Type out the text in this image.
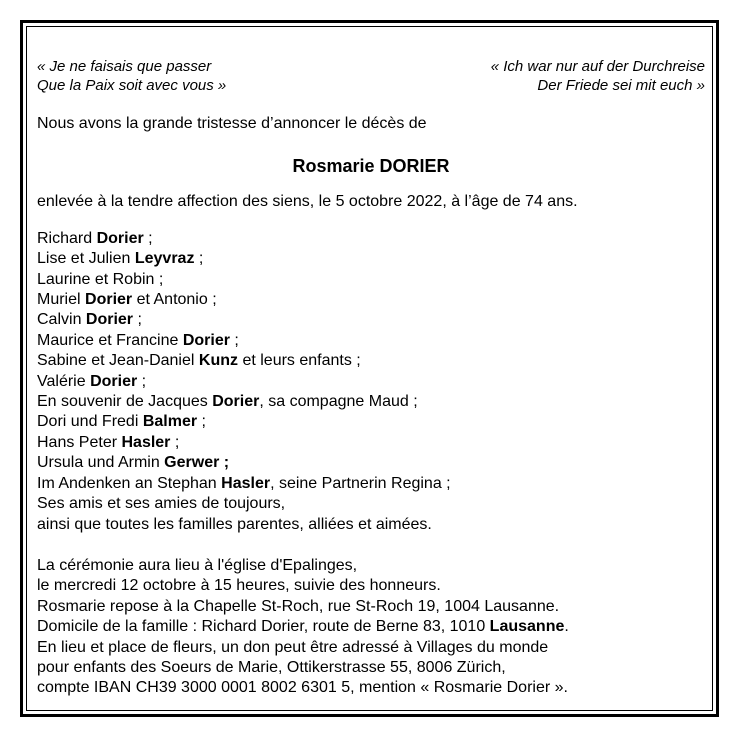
« Je ne faisais que passer
Que la Paix soit avec vous »
« Ich war nur auf der Durchreise
Der Friede sei mit euch »
Nous avons la grande tristesse d’annoncer le décès de
Rosmarie DORIER
enlevée à la tendre affection des siens, le 5 octobre 2022, à l’âge de 74 ans.
Richard Dorier ;
Lise et Julien Leyvraz ;
Laurine et Robin ;
Muriel Dorier et Antonio ;
Calvin Dorier ;
Maurice et Francine Dorier ;
Sabine et Jean-Daniel Kunz et leurs enfants ;
Valérie Dorier ;
En souvenir de Jacques Dorier, sa compagne Maud ;
Dori und Fredi Balmer ;
Hans Peter Hasler ;
Ursula und Armin Gerwer ;
Im Andenken an Stephan Hasler, seine Partnerin Regina ;
Ses amis et ses amies de toujours,
ainsi que toutes les familles parentes, alliées et aimées.
La cérémonie aura lieu à l'église d'Epalinges,
le mercredi 12 octobre à 15 heures, suivie des honneurs.
Rosmarie repose à la Chapelle St-Roch, rue St-Roch 19, 1004 Lausanne.
Domicile de la famille : Richard Dorier, route de Berne 83, 1010 Lausanne.
En lieu et place de fleurs, un don peut être adressé à Villages du monde
pour enfants des Soeurs de Marie, Ottikerstrasse 55, 8006 Zürich,
compte IBAN CH39 3000 0001 8002 6301 5, mention « Rosmarie Dorier ».
